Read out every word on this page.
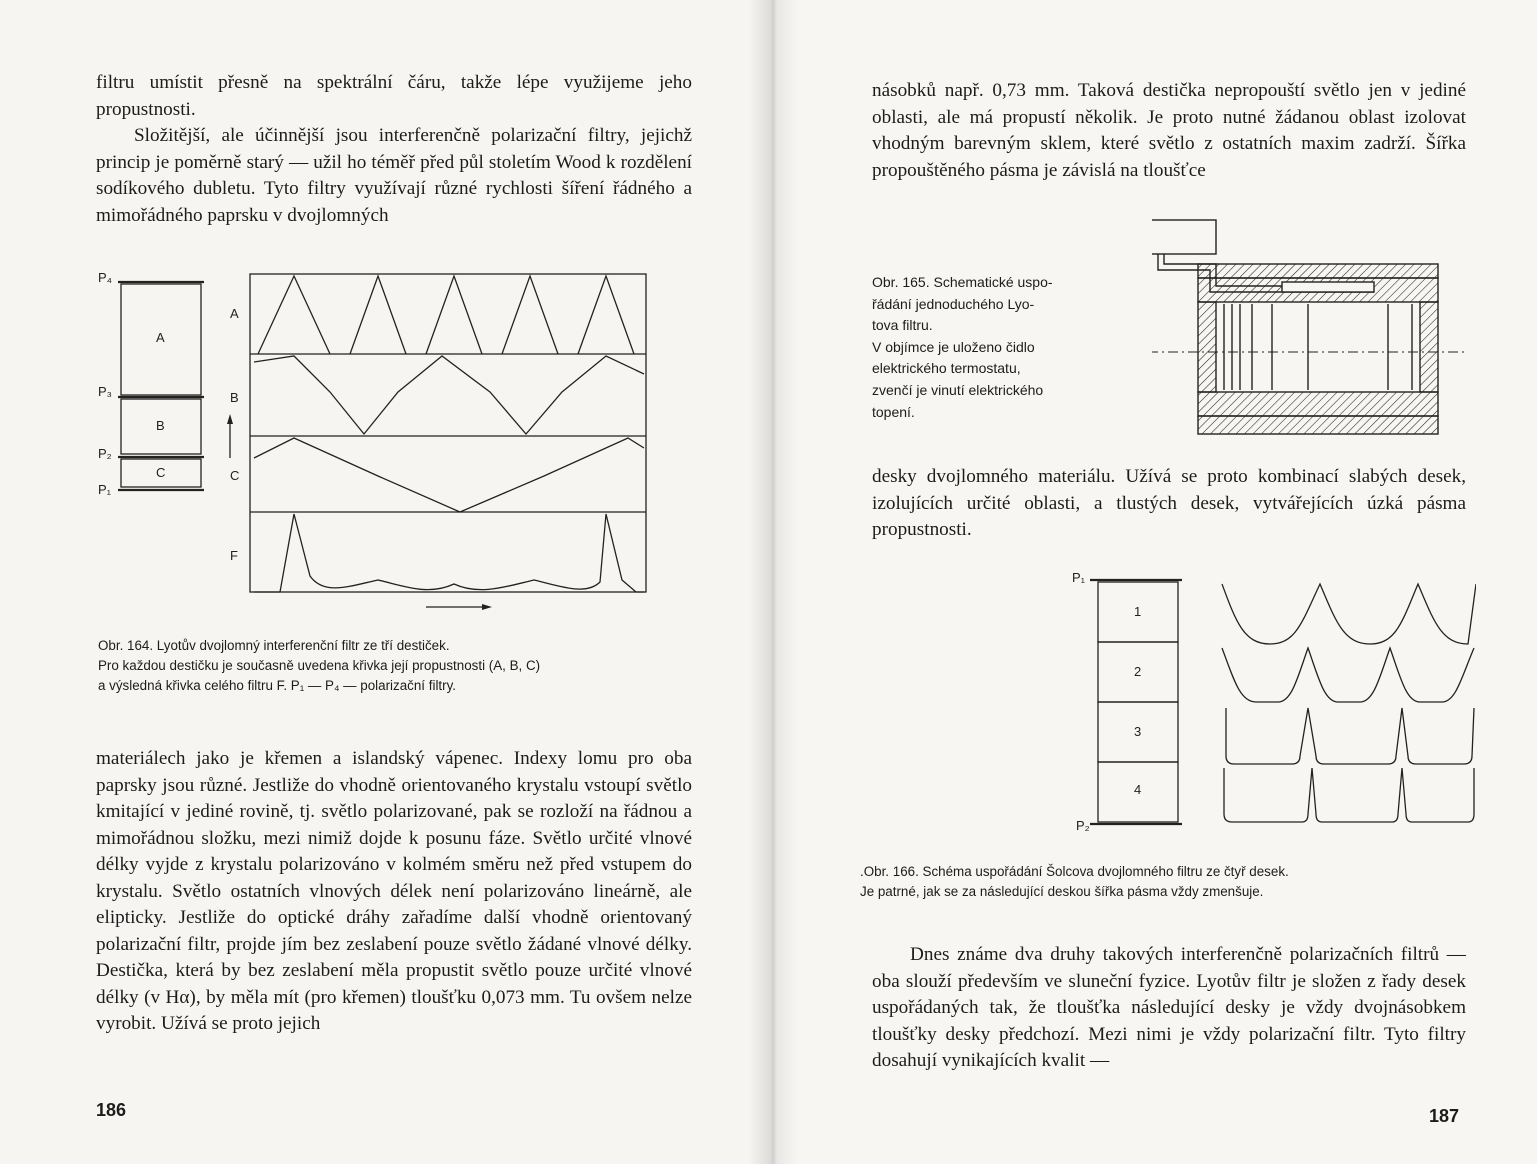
filtru umístit přesně na spektrální čáru, takže lépe využijeme jeho propustnosti.

Složitější, ale účinnější jsou interferenčně polarizační filtry, jejichž princip je poměrně starý — užil ho téměř před půl stoletím Wood k rozdělení sodíkového dubletu. Tyto filtry využívají různé rychlosti šíření řádného a mimořádného paprsku v dvojlomných

P₄
P₃
P₂
P₁
A
B
C
A
B
C
F
Obr. 164. Lyotův dvojlomný interferenční filtr ze tří destiček.
Pro každou destičku je současně uvedena křivka její propustnosti (A, B, C)
a výsledná křivka celého filtru F. P₁ — P₄ — polarizační filtry.
materiálech jako je křemen a islandský vápenec. Indexy lomu pro oba paprsky jsou různé. Jestliže do vhodně orientovaného krystalu vstoupí světlo kmitající v jediné rovině, tj. světlo polarizované, pak se rozloží na řádnou a mimořádnou složku, mezi nimiž dojde k posunu fáze. Světlo určité vlnové délky vyjde z krystalu polarizováno v kolmém směru než před vstupem do krystalu. Světlo ostatních vlnových délek není polarizováno lineárně, ale elipticky. Jestliže do optické dráhy zařadíme další vhodně orientovaný polarizační filtr, projde jím bez zeslabení pouze světlo žádané vlnové délky. Destička, která by bez zeslabení měla propustit světlo pouze určité vlnové délky (v Hα), by měla mít (pro křemen) tloušťku 0,073 mm. Tu ovšem nelze vyrobit. Užívá se proto jejich
186
násobků např. 0,73 mm. Taková destička nepropouští světlo jen v jediné oblasti, ale má propustí několik. Je proto nutné žádanou oblast izolovat vhodným barevným sklem, které světlo z ostatních maxim zadrží. Šířka propouštěného pásma je závislá na tloušťce
Obr. 165. Schematické uspo-
řádání jednoduchého Lyo-
tova filtru.
V objímce je uloženo čidlo
elektrického termostatu,
zvenčí je vinutí elektrického
topení.
desky dvojlomného materiálu. Užívá se proto kombinací slabých desek, izolujících určité oblasti, a tlustých desek, vytvářejících úzká pásma propustnosti.
P₁
P₂
1
2
3
4
.Obr. 166. Schéma uspořádání Šolcova dvojlomného filtru ze čtyř desek.
Je patrné, jak se za následující deskou šířka pásma vždy zmenšuje.
Dnes známe dva druhy takových interferenčně polarizačních filtrů — oba slouží především ve sluneční fyzice. Lyotův filtr je složen z řady desek uspořádaných tak, že tloušťka následující desky je vždy dvojnásobkem tloušťky desky předchozí. Mezi nimi je vždy polarizační filtr. Tyto filtry dosahují vynikajících kvalit —
187
